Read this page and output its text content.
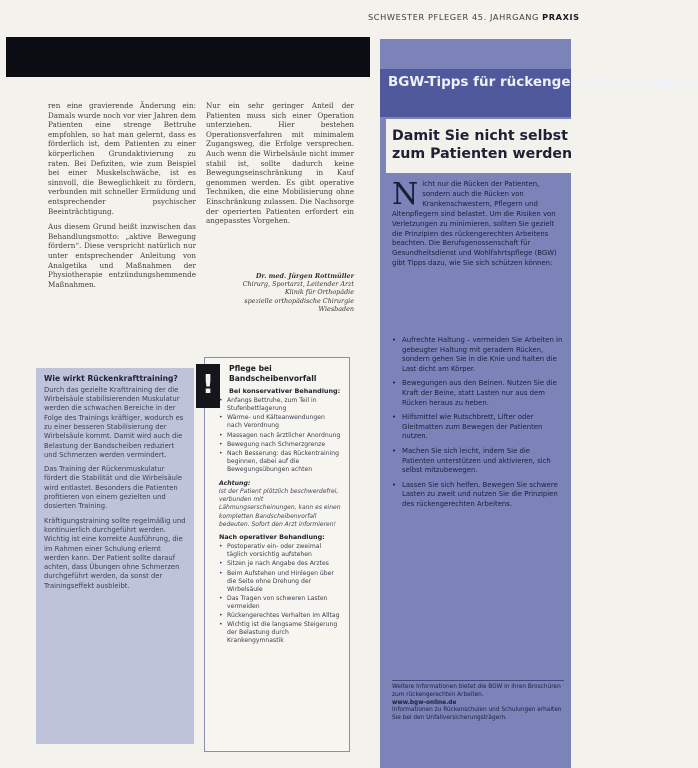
SCHWESTER PFLEGER 45. JAHRGANG PRAXIS

ren eine gravierende Änderung ein: Damals wurde noch vor vier Jahren dem Patienten eine strenge Bettruhe empfohlen, so hat man gelernt, dass es förderlich ist, dem Patienten zu einer körperlichen Grundaktivierung zu raten. Bei Defiziten, wie zum Beispiel bei einer Muskelschwäche, ist es sinnvoll, die Beweglichkeit zu fördern, verbunden mit schneller Ermüdung und entsprechender psychischer Beeinträchtigung.

Aus diesem Grund heißt inzwischen das Behandlungsmotto: „aktive Bewegung fördern“. Diese verspricht natürlich nur unter entsprechender Anleitung von Analgetika und Maßnahmen der Physiotherapie entzündungshemmende Maßnahmen.

Nur ein sehr geringer Anteil der Patienten muss sich einer Operation unterziehen. Hier bestehen Operationsverfahren mit minimalem Zugangsweg, die Erfolge versprechen. Auch wenn die Wirbelsäule nicht immer stabil ist, sollte dadurch keine Bewegungseinschränkung in Kauf genommen werden. Es gibt operative Techniken, die eine Mobilisierung ohne Einschränkung zulassen. Die Nachsorge der operierten Patienten erfordert ein angepasstes Vorgehen.

Dr. med. Jürgen Rottmüller
Chirurg, Sportarzt, Leitender Arzt
Klinik für Orthopädie
spezielle orthopädische Chirurgie
Wiesbaden
Wie wirkt Rückenkrafttraining?

Durch das gezielte Krafttraining der die Wirbelsäule stabilisierenden Muskulatur werden die schwachen Bereiche in der Folge des Trainings kräftiger, wodurch es zu einer besseren Stabilisierung der Wirbelsäule kommt. Damit wird auch die Belastung der Bandscheiben reduziert und Schmerzen werden vermindert.

Das Training der Rückenmuskulatur fördert die Stabilität und die Wirbelsäule wird entlastet. Besonders die Patienten profitieren von einem gezielten und dosierten Training.

Kräftigungstraining sollte regelmäßig und kontinuierlich durchgeführt werden. Wichtig ist eine korrekte Ausführung, die im Rahmen einer Schulung erlernt werden kann. Der Patient sollte darauf achten, dass Übungen ohne Schmerzen durchgeführt werden, da sonst der Trainingseffekt ausbleibt.

Pflege bei
Bandscheibenvorfall
Bei konservativer Behandlung:
• Anfangs Bettruhe, zum Teil in Stufenbettlagerung
• Wärme- und Kälteanwendungen nach Verordnung
• Massagen nach ärztlicher Anordnung
• Bewegung nach Schmerzgrenze
• Nach Besserung: das Rückentraining beginnen, dabei auf die Bewegungsübungen achten
Achtung:
Ist der Patient plötzlich beschwerdefrei, verbunden mit Lähmungserscheinungen, kann es einen kompletten Bandscheibenvorfall bedeuten. Sofort den Arzt informieren!
Nach operativer Behandlung:
• Postoperativ ein- oder zweimal täglich vorsichtig aufstehen
• Sitzen je nach Angabe des Arztes
• Beim Aufstehen und Hinlegen über die Seite ohne Drehung der Wirbelsäule
• Das Tragen von schweren Lasten vermeiden
• Rückengerechtes Verhalten im Alltag
• Wichtig ist die langsame Steigerung der Belastung durch Krankengymnastik
!
BGW-Tipps für rückengerechtes Arbeiten
Damit Sie nicht selbst
zum Patienten werden
N icht nur die Rücken der Patienten, sondern auch die Rücken von Krankenschwestern, Pflegern und Altenpflegern sind belastet. Um die Risiken von Verletzungen zu minimieren, sollten Sie gezielt die Prinzipien des rückengerechten Arbeitens beachten. Die Berufsgenossenschaft für Gesundheitsdienst und Wohlfahrtspflege (BGW) gibt Tipps dazu, wie Sie sich schützen können:
• Aufrechte Haltung – vermeiden Sie Arbeiten in gebeugter Haltung mit geradem Rücken, sondern gehen Sie in die Knie und halten die Last dicht am Körper.
• Bewegungen aus den Beinen. Nutzen Sie die Kraft der Beine, statt Lasten nur aus dem Rücken heraus zu heben.
• Hilfsmittel wie Rutschbrett, Lifter oder Gleitmatten zum Bewegen der Patienten nutzen.
• Machen Sie sich leicht, indem Sie die Patienten unterstützen und aktivieren, sich selbst mitzubewegen.
• Lassen Sie sich helfen. Bewegen Sie schwere Lasten zu zweit und nutzen Sie die Prinzipien des rückengerechten Arbeitens.
Weitere Informationen bietet die BGW in ihren Broschüren zum rückengerechten Arbeiten.
www.bgw-online.de
Informationen zu Rückenschulen und Schulungen erhalten Sie bei den Unfallversicherungsträgern.
